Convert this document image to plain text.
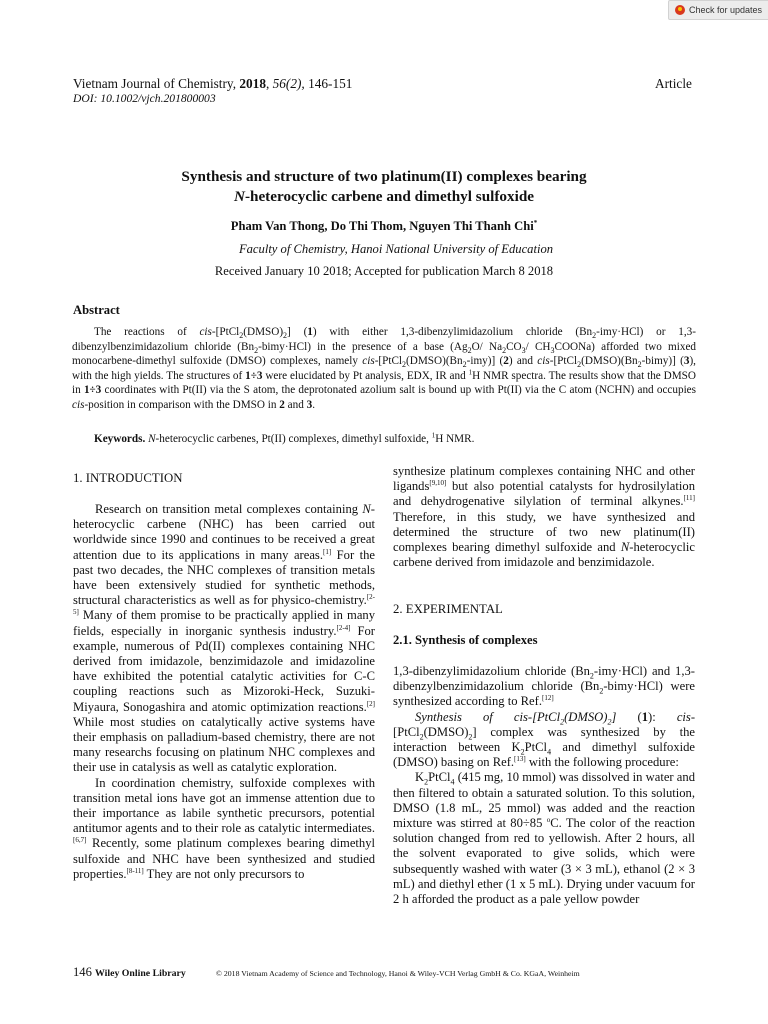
Check for updates
Vietnam Journal of Chemistry, 2018, 56(2), 146-151	Article
DOI: 10.1002/vjch.201800003
Synthesis and structure of two platinum(II) complexes bearing
N-heterocyclic carbene and dimethyl sulfoxide
Pham Van Thong, Do Thi Thom, Nguyen Thi Thanh Chi*
Faculty of Chemistry, Hanoi National University of Education
Received January 10 2018; Accepted for publication March 8 2018
Abstract
The reactions of cis-$[PtCl_2(DMSO)_2]$ (1) with either 1,3-dibenzylimidazolium chloride $(Bn_2-imy\cdot HCl)$ or 1,3-dibenzylbenzimidazolium chloride $(Bn_2-bimy\cdot HCl)$ in the presence of a base ($Ag_2O/$ $Na_2CO_3/$ $CH_3COONa$) afforded two mixed monocarbene-dimethyl sulfoxide (DMSO) complexes, namely cis-$[PtCl_2(DMSO)(Bn_2-imy)]$ (2) and cis-$[PtCl_2(DMSO)(Bn_2-bimy)]$ (3), with the high yields. The structures of 1÷3 were elucidated by Pt analysis, EDX, IR and $^1$H NMR spectra. The results show that the DMSO in 1÷3 coordinates with Pt(II) via the S atom, the deprotonated azolium salt is bound up with Pt(II) via the C atom (NCHN) and occupies cis-position in comparison with the DMSO in 2 and 3.
Keywords. N-heterocyclic carbenes, Pt(II) complexes, dimethyl sulfoxide, $^1$H NMR.
1. INTRODUCTION
Research on transition metal complexes containing N-heterocyclic carbene (NHC) has been carried out worldwide since 1990 and continues to be received a great attention due to its applications in many areas.[1] For the past two decades, the NHC complexes of transition metals have been extensively studied for synthetic methods, structural characteristics as well as for physico-chemistry.[2-5] Many of them promise to be practically applied in many fields, especially in inorganic synthesis industry.[2-4] For example, numerous of Pd(II) complexes containing NHC derived from imidazole, benzimidazole and imidazoline have exhibited the potential catalytic activities for C-C coupling reactions such as Mizoroki-Heck, Suzuki-Miyaura, Sonogashira and atomic optimization reactions.[2] While most studies on catalytically active systems have their emphasis on palladium-based chemistry, there are not many researchs focusing on platinum NHC complexes and their use in catalysis as well as catalytic exploration.
In coordination chemistry, sulfoxide complexes with transition metal ions have got an immense attention due to their importance as labile synthetic precursors, potential antitumor agents and to their role as catalytic intermediates.[6,7] Recently, some platinum complexes bearing dimethyl sulfoxide and NHC have been synthesized and studied properties.[8-11] They are not only precursors to
synthesize platinum complexes containing NHC and other ligands[9,10] but also potential catalysts for hydrosilylation and dehydrogenative silylation of terminal alkynes.[11] Therefore, in this study, we have synthesized and determined the structure of two new platinum(II) complexes bearing dimethyl sulfoxide and N-heterocyclic carbene derived from imidazole and benzimidazole.
2. EXPERIMENTAL
2.1. Synthesis of complexes
1,3-dibenzylimidazolium chloride $(Bn_2-imy\cdot HCl)$ and 1,3-dibenzylbenzimidazolium chloride $(Bn_2-bimy\cdot HCl)$ were synthesized according to Ref.[12]
Synthesis of cis-$[PtCl_2(DMSO)_2]$ (1): cis-$[PtCl_2(DMSO)_2]$ complex was synthesized by the interaction between $K_2PtCl_4$ and dimethyl sulfoxide (DMSO) basing on Ref.[13] with the following procedure:
$K_2PtCl_4$ (415 mg, 10 mmol) was dissolved in water and then filtered to obtain a saturated solution. To this solution, DMSO (1.8 mL, 25 mmol) was added and the reaction mixture was stirred at 80÷85 $^o$C. The color of the reaction solution changed from red to yellowish. After 2 hours, all the solvent evaporated to give solids, which were subsequently washed with water (3 × 3 mL), ethanol (2 × 3 mL) and diethyl ether (1 x 5 mL). Drying under vacuum for 2 h afforded the product as a pale yellow powder
146 Wiley Online Library	© 2018 Vietnam Academy of Science and Technology, Hanoi & Wiley-VCH Verlag GmbH & Co. KGaA, Weinheim
